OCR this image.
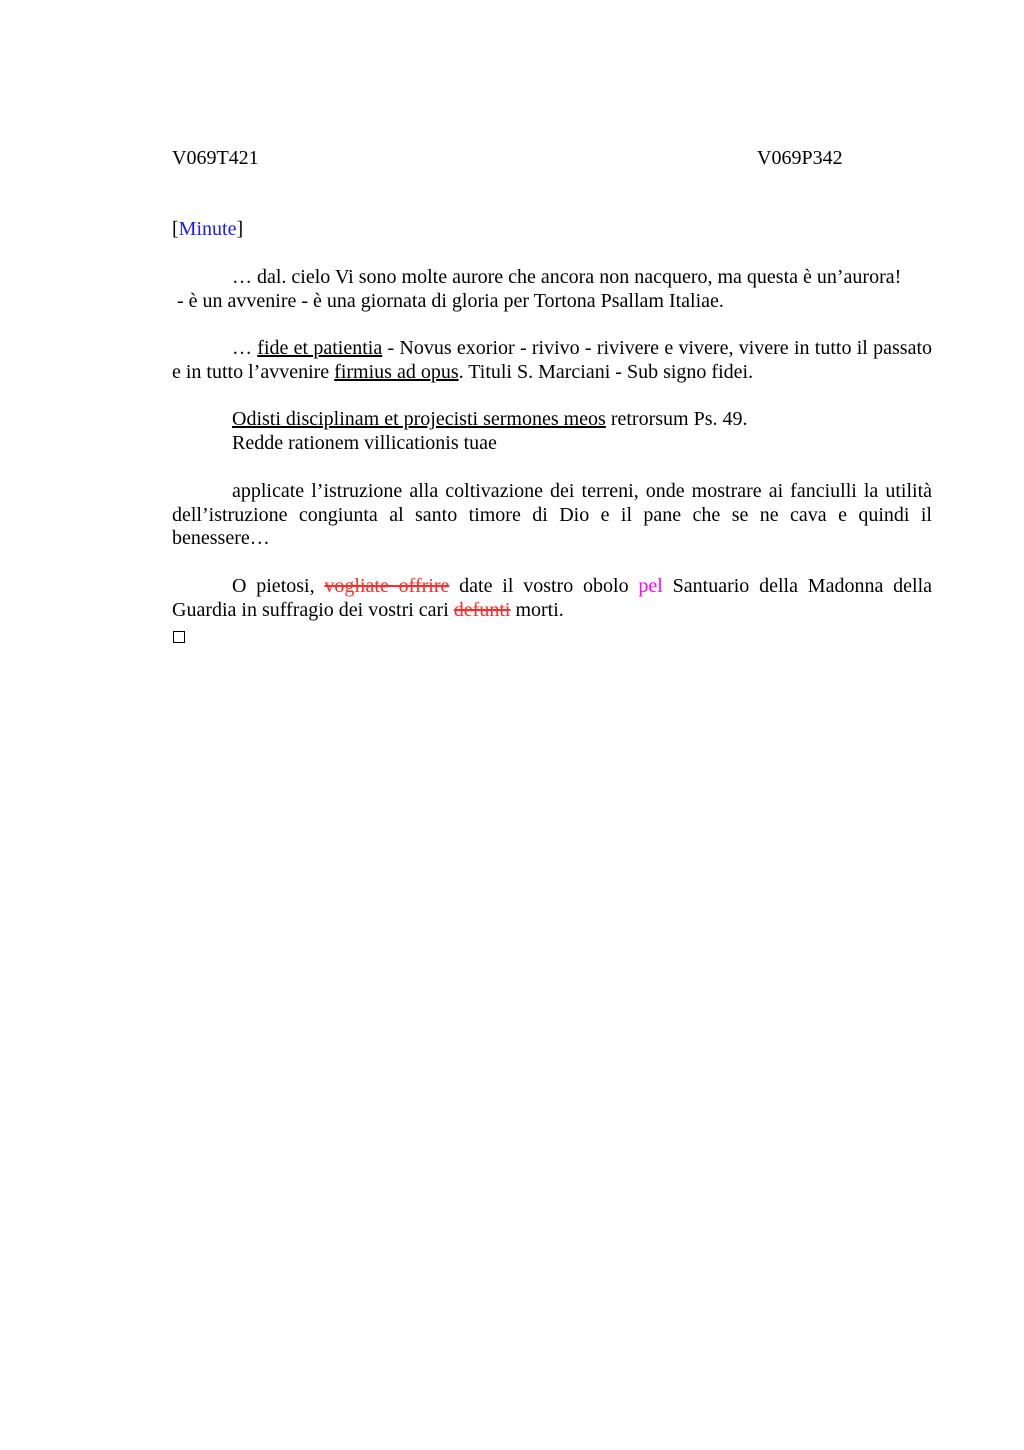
V069T421	V069P342
[Minute]
… dal. cielo Vi sono molte aurore che ancora non nacquero, ma questa è un’aurora!
- è un avvenire - è una giornata di gloria per Tortona Psallam Italiae.
… fide et patientia - Novus exorior - rivivo - rivivere e vivere, vivere in tutto il passato e in tutto l’avvenire firmius ad opus. Tituli S. Marciani - Sub signo fidei.
Odisti disciplinam et projecisti sermones meos retrorsum Ps. 49.
Redde rationem villicationis tuae
applicate l’istruzione alla coltivazione dei terreni, onde mostrare ai fanciulli la utilità dell’istruzione congiunta al santo timore di Dio e il pane che se ne cava e quindi il benessere…
O pietosi, vogliate offrire date il vostro obolo pel Santuario della Madonna della Guardia in suffragio dei vostri cari defunti morti.
